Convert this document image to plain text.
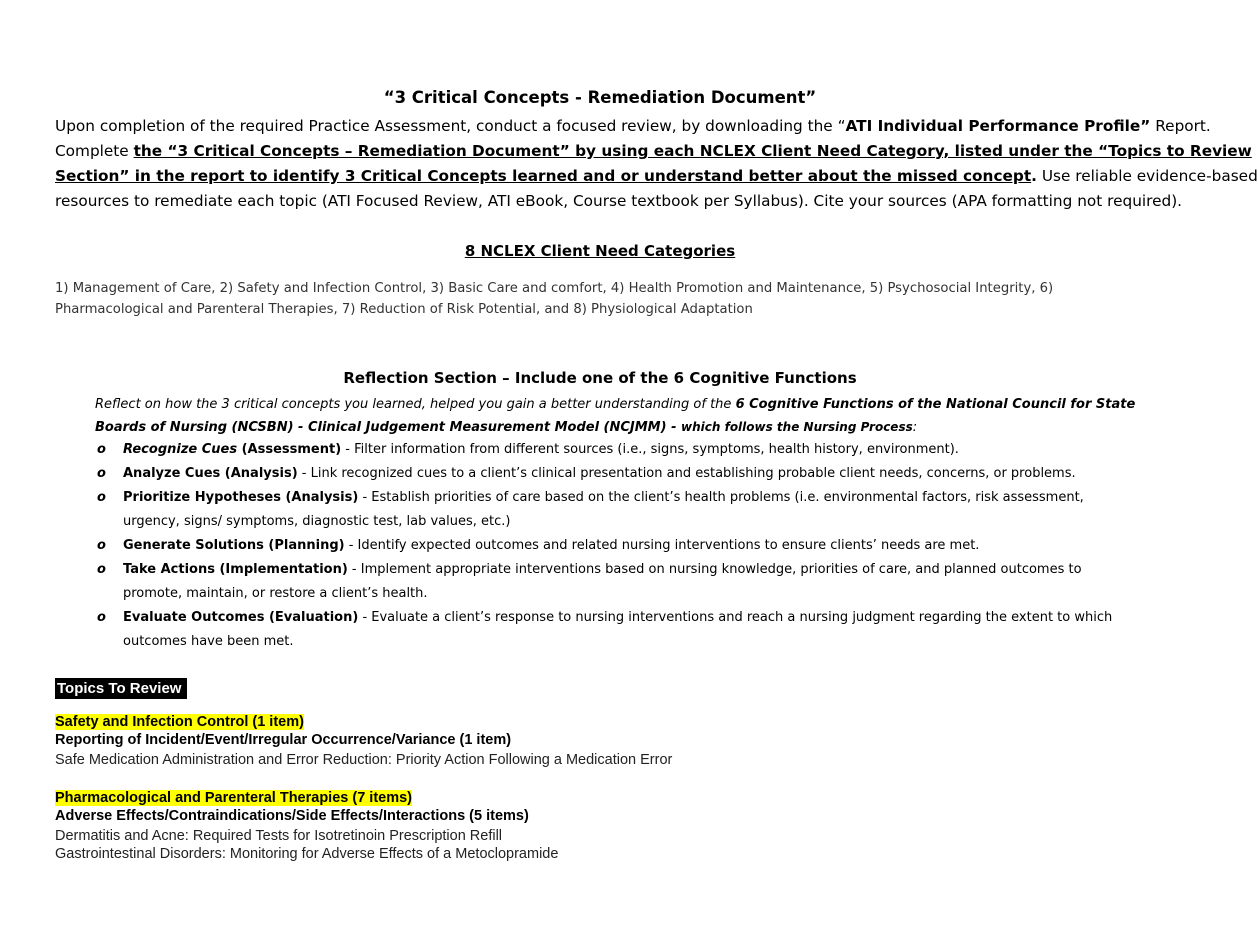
“3 Critical Concepts - Remediation Document”
Upon completion of the required Practice Assessment, conduct a focused review, by downloading the “ATI Individual Performance Profile” Report.
Complete the “3 Critical Concepts – Remediation Document” by using each NCLEX Client Need Category, listed under the “Topics to Review
Section” in the report to identify 3 Critical Concepts learned and or understand better about the missed concept. Use reliable evidence-based
resources to remediate each topic (ATI Focused Review, ATI eBook, Course textbook per Syllabus). Cite your sources (APA formatting not required).
8 NCLEX Client Need Categories
1) Management of Care, 2) Safety and Infection Control, 3) Basic Care and comfort, 4) Health Promotion and Maintenance, 5) Psychosocial Integrity, 6)
Pharmacological and Parenteral Therapies, 7) Reduction of Risk Potential, and 8) Physiological Adaptation
Reflection Section – Include one of the 6 Cognitive Functions
Reflect on how the 3 critical concepts you learned, helped you gain a better understanding of the 6 Cognitive Functions of the National Council for State
Boards of Nursing (NCSBN) - Clinical Judgement Measurement Model (NCJMM) - which follows the Nursing Process:
o Recognize Cues (Assessment) - Filter information from different sources (i.e., signs, symptoms, health history, environment).
o Analyze Cues (Analysis) - Link recognized cues to a client’s clinical presentation and establishing probable client needs, concerns, or problems.
o Prioritize Hypotheses (Analysis) - Establish priorities of care based on the client’s health problems (i.e. environmental factors, risk assessment,
urgency, signs/ symptoms, diagnostic test, lab values, etc.)
o Generate Solutions (Planning) - Identify expected outcomes and related nursing interventions to ensure clients’ needs are met.
o Take Actions (Implementation) - Implement appropriate interventions based on nursing knowledge, priorities of care, and planned outcomes to
promote, maintain, or restore a client’s health.
o Evaluate Outcomes (Evaluation) - Evaluate a client’s response to nursing interventions and reach a nursing judgment regarding the extent to which
outcomes have been met.
Topics To Review
Safety and Infection Control (1 item)
Reporting of Incident/Event/Irregular Occurrence/Variance (1 item)
Safe Medication Administration and Error Reduction: Priority Action Following a Medication Error
Pharmacological and Parenteral Therapies (7 items)
Adverse Effects/Contraindications/Side Effects/Interactions (5 items)
Dermatitis and Acne: Required Tests for Isotretinoin Prescription Refill
Gastrointestinal Disorders: Monitoring for Adverse Effects of a Metoclopramide
